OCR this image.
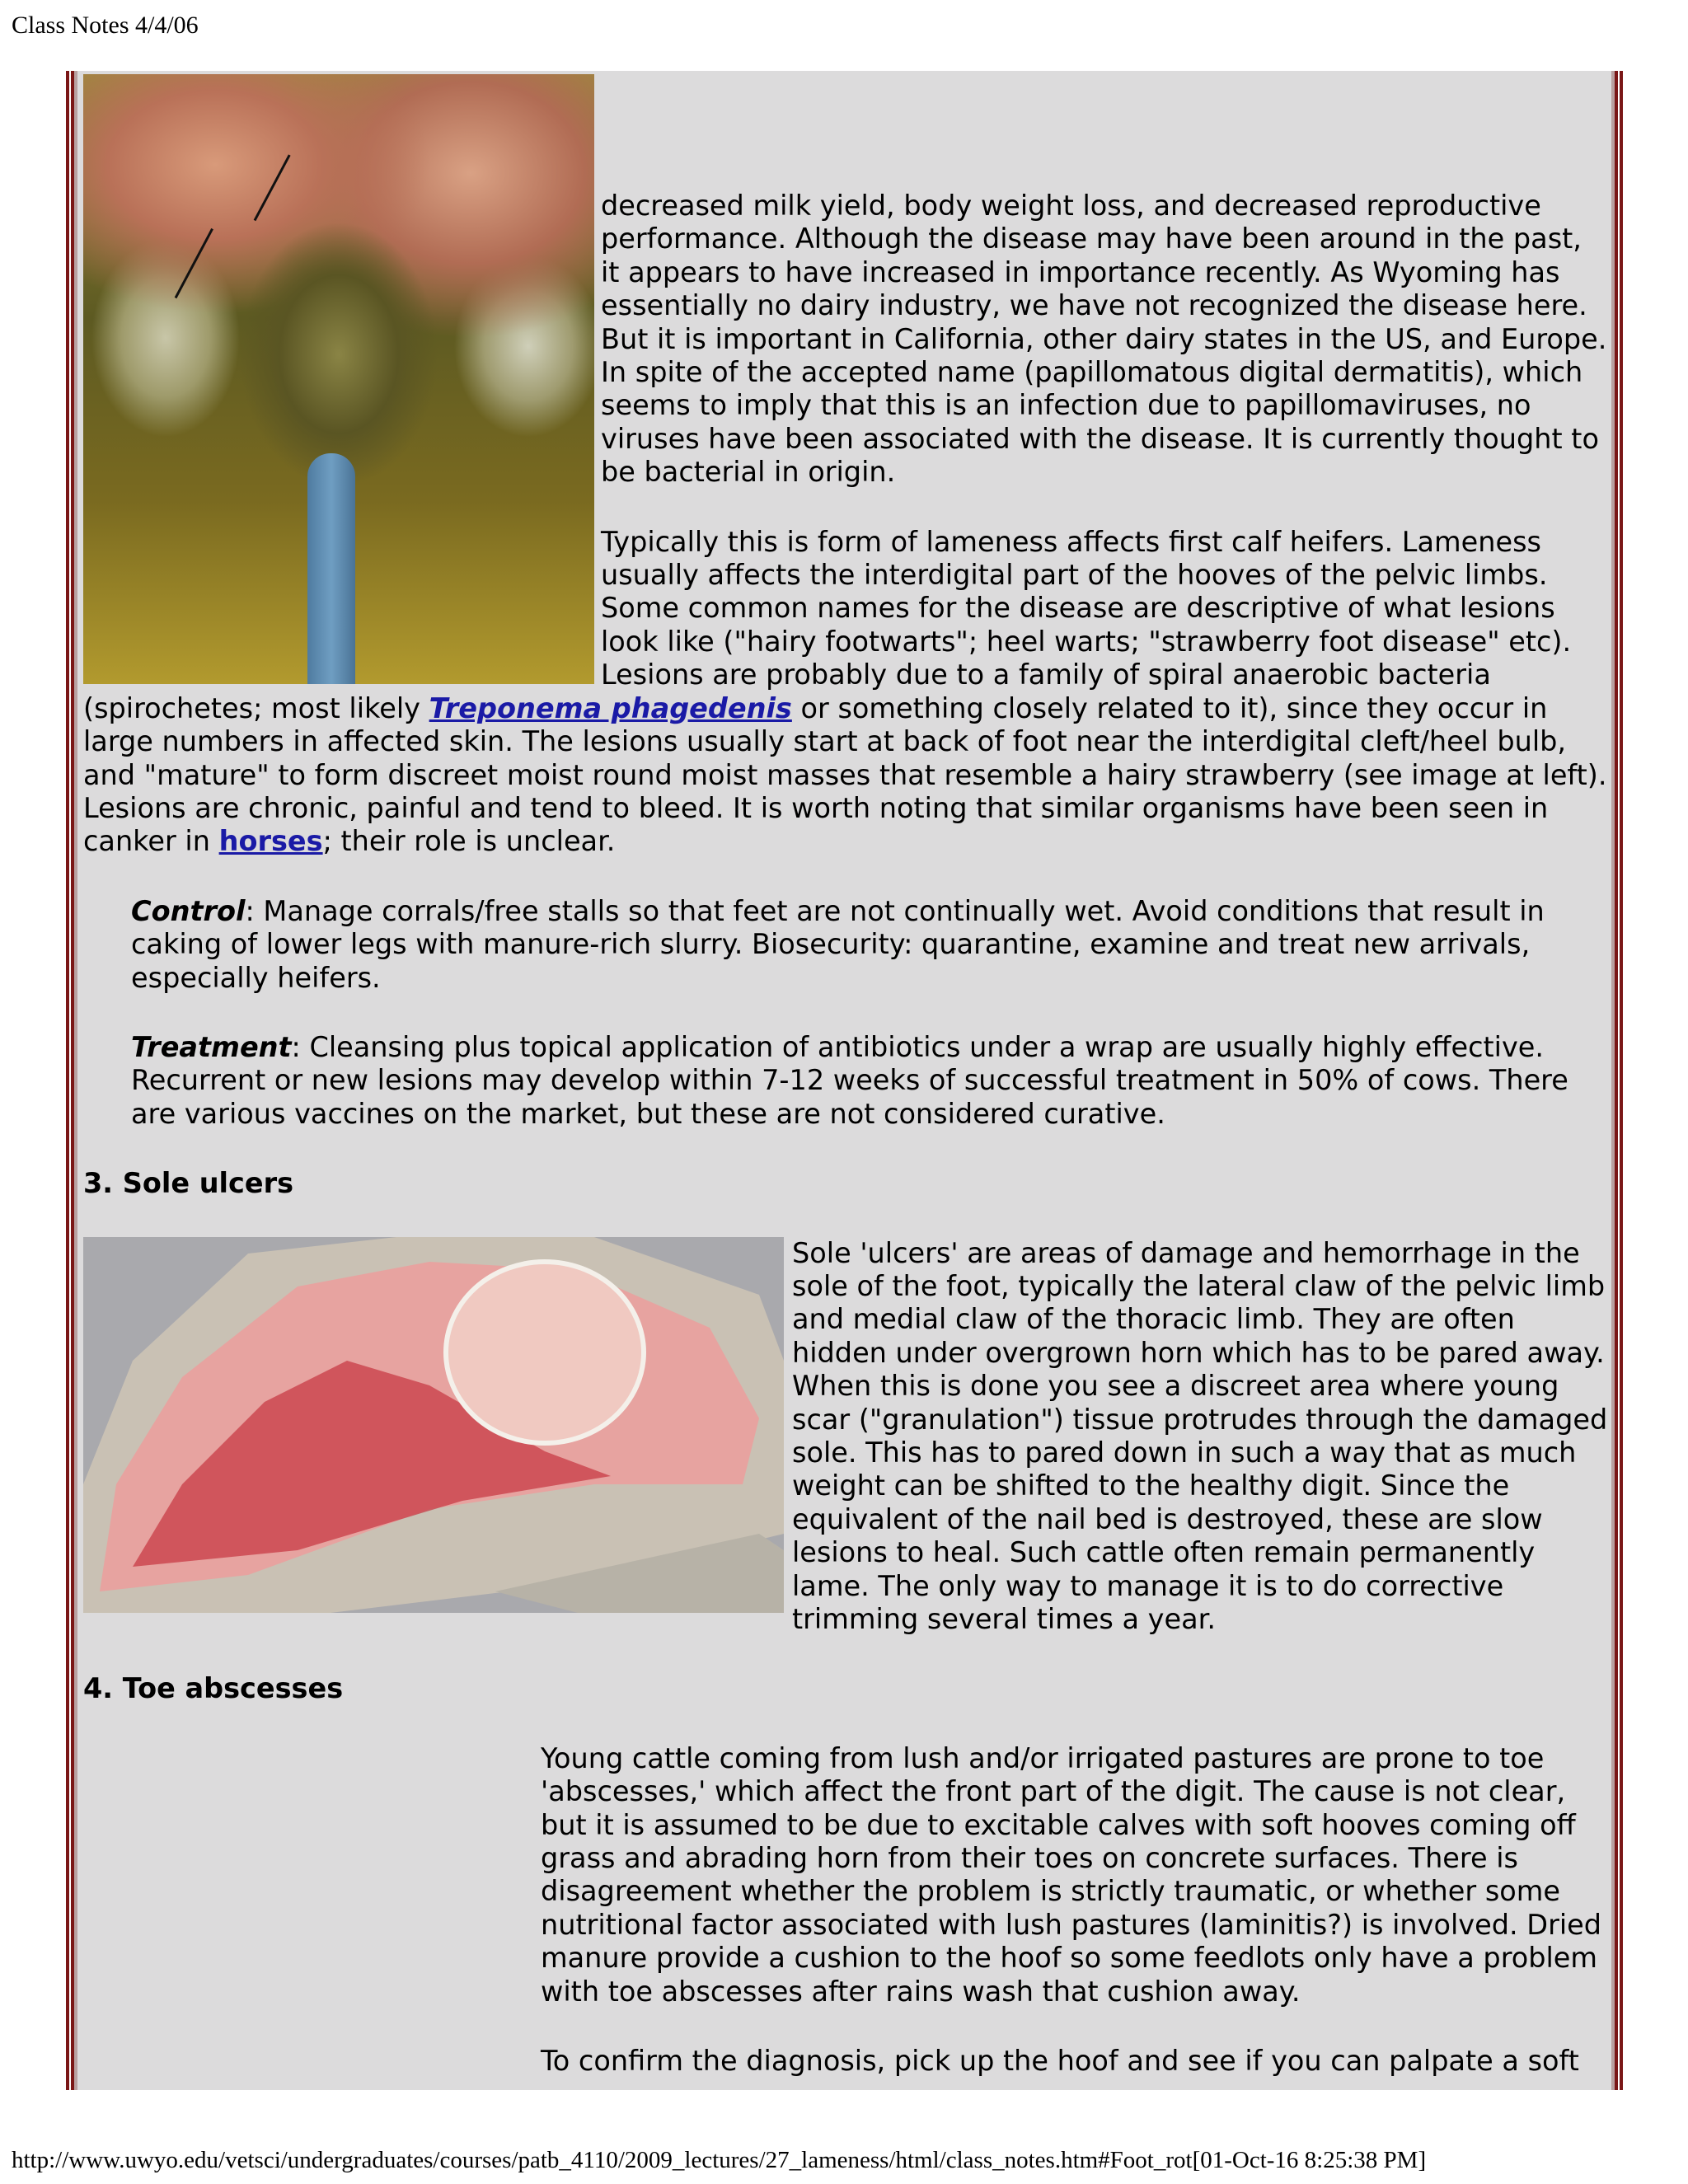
Class Notes 4/4/06

decreased milk yield, body weight loss, and decreased reproductive performance. Although the disease may have been around in the past, it appears to have increased in importance recently. As Wyoming has essentially no dairy industry, we have not recognized the disease here. But it is important in California, other dairy states in the US, and Europe. In spite of the accepted name (papillomatous digital dermatitis), which seems to imply that this is an infection due to papillomaviruses, no viruses have been associated with the disease. It is currently thought to be bacterial in origin.

Typically this is form of lameness affects first calf heifers. Lameness usually affects the interdigital part of the hooves of the pelvic limbs. Some common names for the disease are descriptive of what lesions look like ("hairy footwarts"; heel warts; "strawberry foot disease" etc). Lesions are probably due to a family of spiral anaerobic bacteria (spirochetes; most likely Treponema phagedenis or something closely related to it), since they occur in large numbers in affected skin. The lesions usually start at back of foot near the interdigital cleft/heel bulb, and "mature" to form discreet moist round moist masses that resemble a hairy strawberry (see image at left). Lesions are chronic, painful and tend to bleed. It is worth noting that similar organisms have been seen in canker in horses; their role is unclear.

Control: Manage corrals/free stalls so that feet are not continually wet. Avoid conditions that result in caking of lower legs with manure-rich slurry. Biosecurity: quarantine, examine and treat new arrivals, especially heifers.

Treatment: Cleansing plus topical application of antibiotics under a wrap are usually highly effective. Recurrent or new lesions may develop within 7-12 weeks of successful treatment in 50% of cows. There are various vaccines on the market, but these are not considered curative.

3. Sole ulcers

Sole 'ulcers' are areas of damage and hemorrhage in the sole of the foot, typically the lateral claw of the pelvic limb and medial claw of the thoracic limb. They are often hidden under overgrown horn which has to be pared away. When this is done you see a discreet area where young scar ("granulation") tissue protrudes through the damaged sole. This has to pared down in such a way that as much weight can be shifted to the healthy digit. Since the equivalent of the nail bed is destroyed, these are slow lesions to heal. Such cattle often remain permanently lame. The only way to manage it is to do corrective trimming several times a year.

4. Toe abscesses

Young cattle coming from lush and/or irrigated pastures are prone to toe 'abscesses,' which affect the front part of the digit. The cause is not clear, but it is assumed to be due to excitable calves with soft hooves coming off grass and abrading horn from their toes on concrete surfaces. There is disagreement whether the problem is strictly traumatic, or whether some nutritional factor associated with lush pastures (laminitis?) is involved. Dried manure provide a cushion to the hoof so some feedlots only have a problem with toe abscesses after rains wash that cushion away.

To confirm the diagnosis, pick up the hoof and see if you can palpate a soft

http://www.uwyo.edu/vetsci/undergraduates/courses/patb_4110/2009_lectures/27_lameness/html/class_notes.htm#Foot_rot[01-Oct-16 8:25:38 PM]
